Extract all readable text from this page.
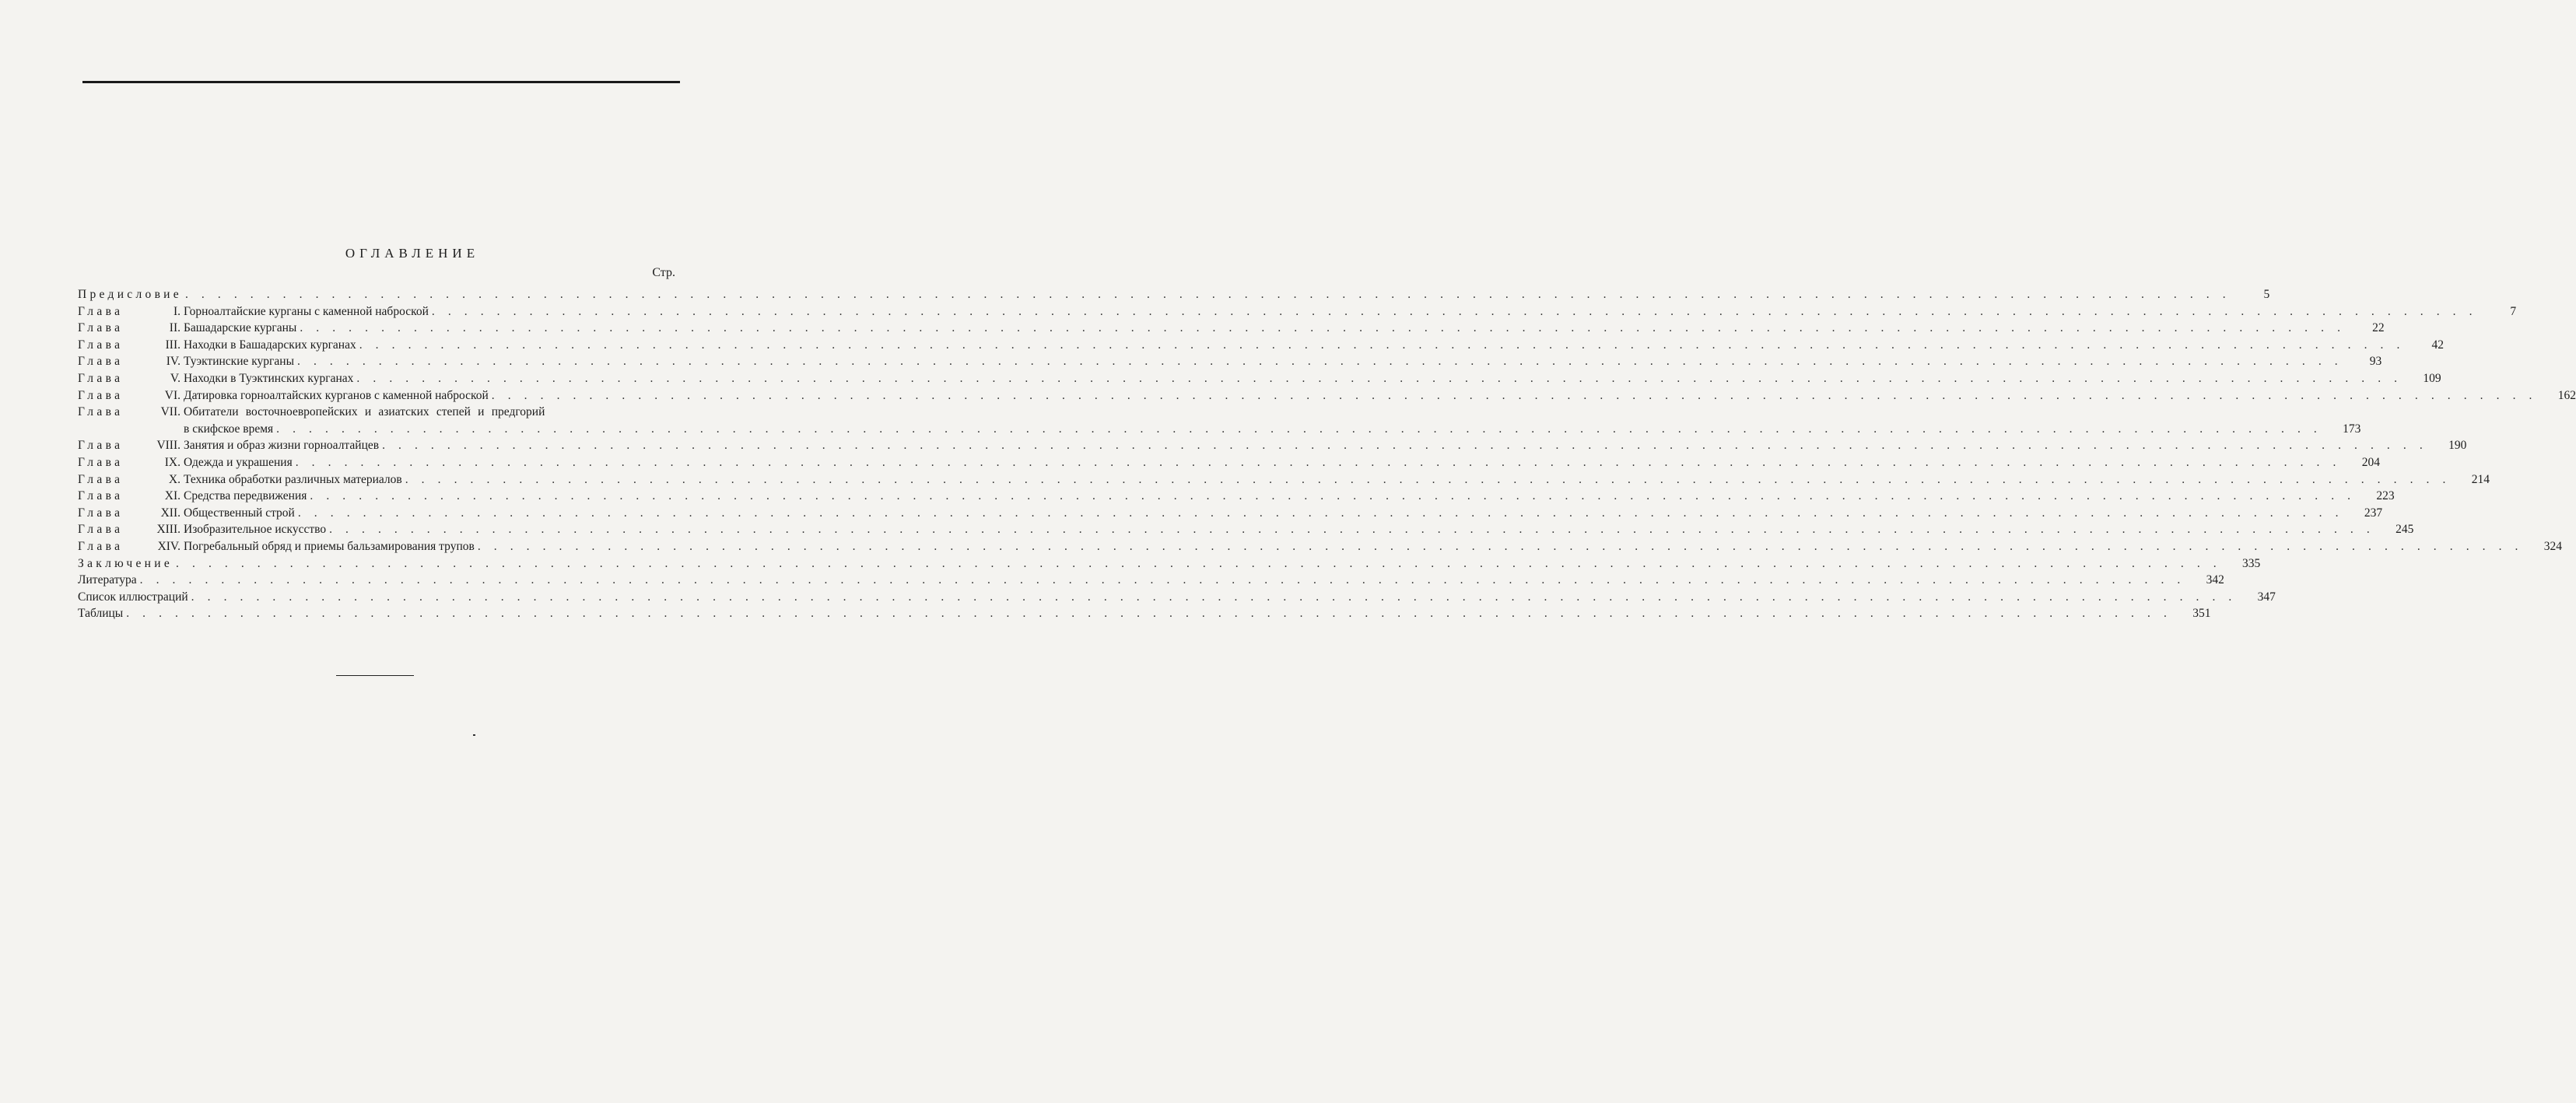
ОГЛАВЛЕНИЕ
Стр.
Предисловие . . .	5
Глава	I. Горноалтайские курганы с каменной наброской . . .	7
Глава	II. Башадарские курганы . . .	22
Глава	III. Находки в Башадарских курганах . . .	42
Глава	IV. Туэктинские курганы . . .	93
Глава	V. Находки в Туэктинских курганах . . .	109
Глава	VI. Датировка горноалтайских курганов с каменной наброской . . .	162
Глава	VII. Обитатели восточноевропейских и азиатских степей и предгорий
в скифское время . . .	173
Глава	VIII. Занятия и образ жизни горноалтайцев . . .	190
Глава	IX. Одежда и украшения . . .	204
Глава	X. Техника обработки различных материалов . . .	214
Глава	XI. Средства передвижения . . .	223
Глава	XII. Общественный строй . . .	237
Глава	XIII. Изобразительное искусство . . .	245
Глава	XIV. Погребальный обряд и приемы бальзамирования трупов . . .	324
Заключение . . .	335
Литература . . .	342
Список иллюстраций . . .	347
Таблицы . . .	351
